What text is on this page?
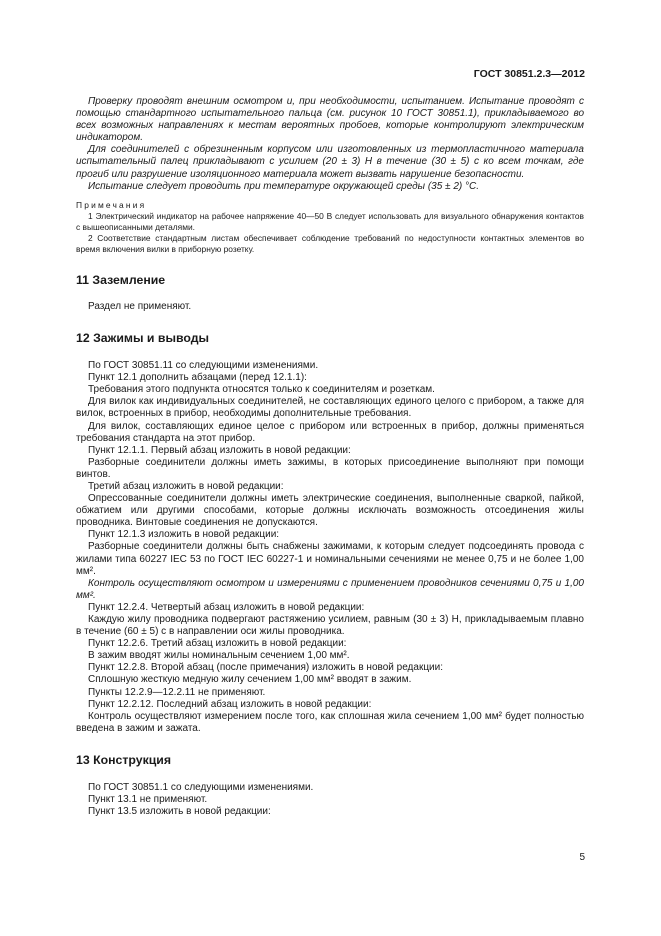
ГОСТ 30851.2.3—2012

Проверку проводят внешним осмотром и, при необходимости, испытанием. Испытание проводят с помощью стандартного испытательного пальца (см. рисунок 10 ГОСТ 30851.1), прикладываемого во всех возможных направлениях к местам вероятных пробоев, которые контролируют электрическим индикатором.

Для соединителей с обрезиненным корпусом или изготовленных из термопластичного материала испытательный палец прикладывают с усилием (20 ± 3) Н в течение (30 ± 5) с ко всем точкам, где прогиб или разрушение изоляционного материала может вызвать нарушение безопасности.

Испытание следует проводить при температуре окружающей среды (35 ± 2) °С.

Примечания

1 Электрический индикатор на рабочее напряжение 40—50 В следует использовать для визуального обнаружения контактов с вышеописанными деталями.

2 Соответствие стандартным листам обеспечивает соблюдение требований по недоступности контактных элементов во время включения вилки в приборную розетку.

11 Заземление

Раздел не применяют.

12 Зажимы и выводы

По ГОСТ 30851.11 со следующими изменениями.

Пункт 12.1 дополнить абзацами (перед 12.1.1):

Требования этого подпункта относятся только к соединителям и розеткам.

Для вилок как индивидуальных соединителей, не составляющих единого целого с прибором, а также для вилок, встроенных в прибор, необходимы дополнительные требования.

Для вилок, составляющих единое целое с прибором или встроенных в прибор, должны применяться требования стандарта на этот прибор.

Пункт 12.1.1. Первый абзац изложить в новой редакции:

Разборные соединители должны иметь зажимы, в которых присоединение выполняют при помощи винтов.

Третий абзац изложить в новой редакции:

Опрессованные соединители должны иметь электрические соединения, выполненные сваркой, пайкой, обжатием или другими способами, которые должны исключать возможность отсоединения жилы проводника. Винтовые соединения не допускаются.

Пункт 12.1.3 изложить в новой редакции:

Разборные соединители должны быть снабжены зажимами, к которым следует подсоединять провода с жилами типа 60227 IEC 53 по ГОСТ IEC 60227-1 и номинальными сечениями не менее 0,75 и не более 1,00 мм².

Контроль осуществляют осмотром и измерениями с применением проводников сечениями 0,75 и 1,00 мм².

Пункт 12.2.4. Четвертый абзац изложить в новой редакции:

Каждую жилу проводника подвергают растяжению усилием, равным (30 ± 3) Н, прикладываемым плавно в течение (60 ± 5) с в направлении оси жилы проводника.

Пункт 12.2.6. Третий абзац изложить в новой редакции:

В зажим вводят жилы номинальным сечением 1,00 мм².

Пункт 12.2.8. Второй абзац (после примечания) изложить в новой редакции:

Сплошную жесткую медную жилу сечением 1,00 мм² вводят в зажим.

Пункты 12.2.9—12.2.11 не применяют.

Пункт 12.2.12. Последний абзац изложить в новой редакции:

Контроль осуществляют измерением после того, как сплошная жила сечением 1,00 мм² будет полностью введена в зажим и зажата.

13 Конструкция

По ГОСТ 30851.1 со следующими изменениями.

Пункт 13.1 не применяют.

Пункт 13.5 изложить в новой редакции:

5
